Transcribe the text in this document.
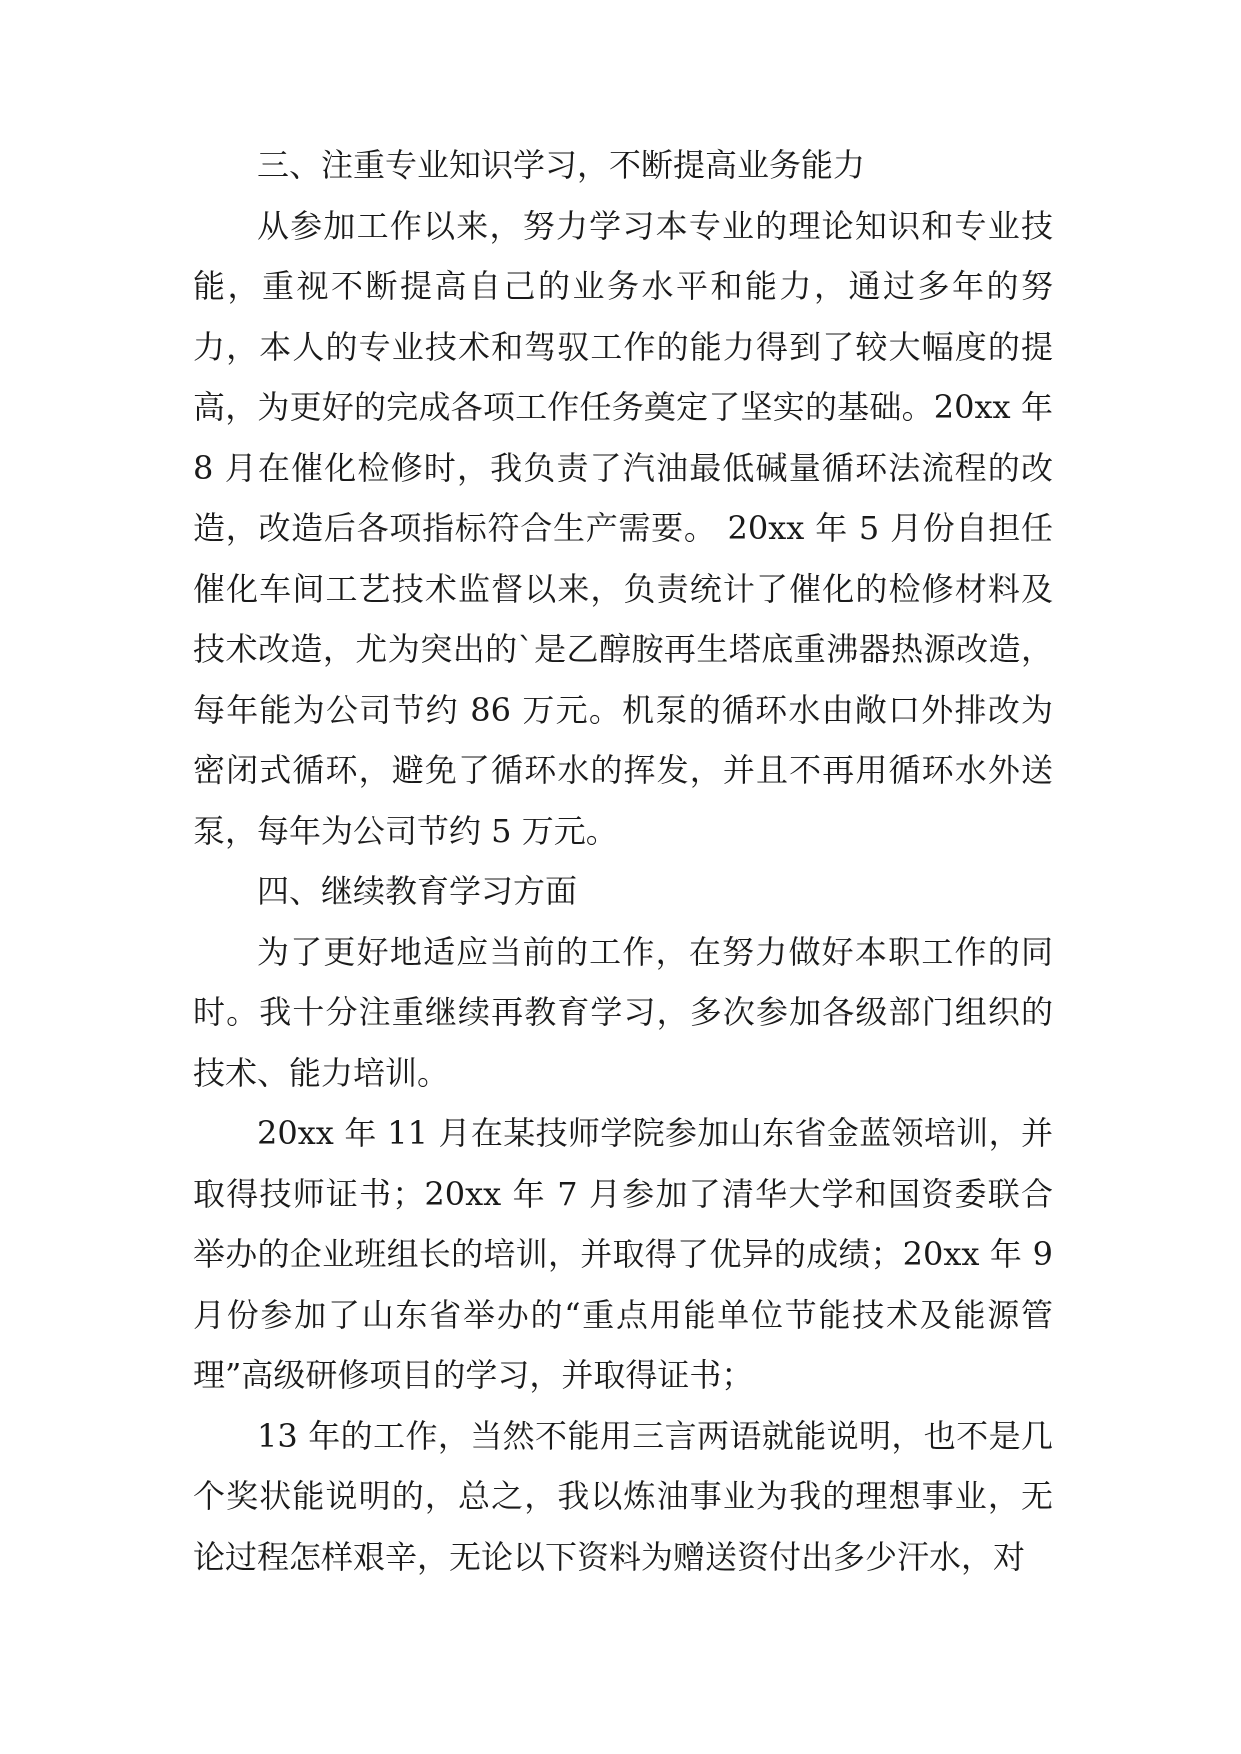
三、注重专业知识学习，不断提高业务能力

从参加工作以来，努力学习本专业的理论知识和专业技能，重视不断提高自己的业务水平和能力，通过多年的努力，本人的专业技术和驾驭工作的能力得到了较大幅度的提高，为更好的完成各项工作任务奠定了坚实的基础。20xx 年 8 月在催化检修时，我负责了汽油最低碱量循环法流程的改造，改造后各项指标符合生产需要。 20xx 年 5 月份自担任催化车间工艺技术监督以来，负责统计了催化的检修材料及技术改造，尤为突出的`是乙醇胺再生塔底重沸器热源改造，每年能为公司节约 86 万元。机泵的循环水由敞口外排改为密闭式循环，避免了循环水的挥发，并且不再用循环水外送泵，每年为公司节约 5 万元。

四、继续教育学习方面

为了更好地适应当前的工作，在努力做好本职工作的同时。我十分注重继续再教育学习，多次参加各级部门组织的技术、能力培训。

20xx 年 11 月在某技师学院参加山东省金蓝领培训，并取得技师证书；20xx 年 7 月参加了清华大学和国资委联合举办的企业班组长的培训，并取得了优异的成绩；20xx 年 9 月份参加了山东省举办的“重点用能单位节能技术及能源管理”高级研修项目的学习，并取得证书；

13 年的工作，当然不能用三言两语就能说明，也不是几个奖状能说明的，总之，我以炼油事业为我的理想事业，无论过程怎样艰辛，无论以下资料为赠送资付出多少汗水，对
